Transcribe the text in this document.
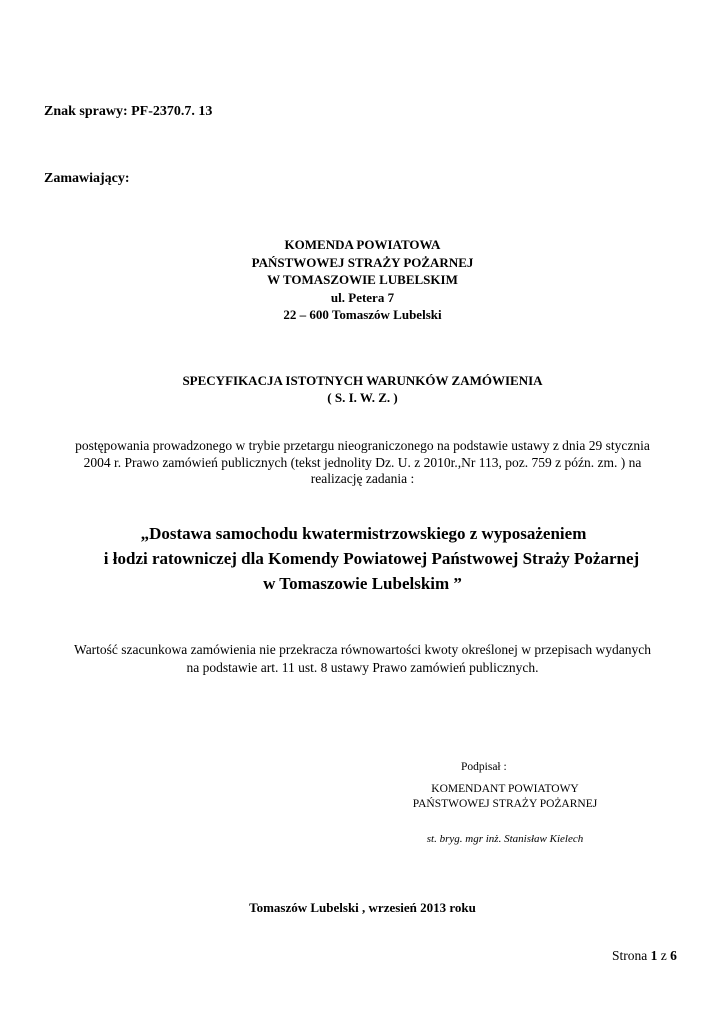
Znak sprawy: PF-2370.7. 13
Zamawiający:
KOMENDA POWIATOWA
PAŃSTWOWEJ STRAŻY POŻARNEJ
W TOMASZOWIE LUBELSKIM
ul. Petera 7
22 – 600 Tomaszów Lubelski
SPECYFIKACJA ISTOTNYCH WARUNKÓW ZAMÓWIENIA
( S. I. W. Z. )
postępowania prowadzonego w trybie przetargu nieograniczonego na podstawie ustawy z dnia 29 stycznia
2004 r. Prawo zamówień publicznych (tekst jednolity Dz. U. z 2010r.,Nr 113, poz. 759 z późn. zm. ) na
realizację zadania :
„Dostawa samochodu kwatermistrzowskiego z wyposażeniem
i łodzi ratowniczej dla Komendy Powiatowej Państwowej Straży Pożarnej
w Tomaszowie Lubelskim ”
Wartość szacunkowa zamówienia nie przekracza równowartości kwoty określonej w przepisach wydanych
na podstawie art. 11 ust. 8 ustawy Prawo zamówień publicznych.
Podpisał :
KOMENDANT POWIATOWY
PAŃSTWOWEJ STRAŻY POŻARNEJ
st. bryg. mgr inż. Stanisław Kielech
Tomaszów Lubelski , wrzesień 2013 roku
Strona 1 z 6
